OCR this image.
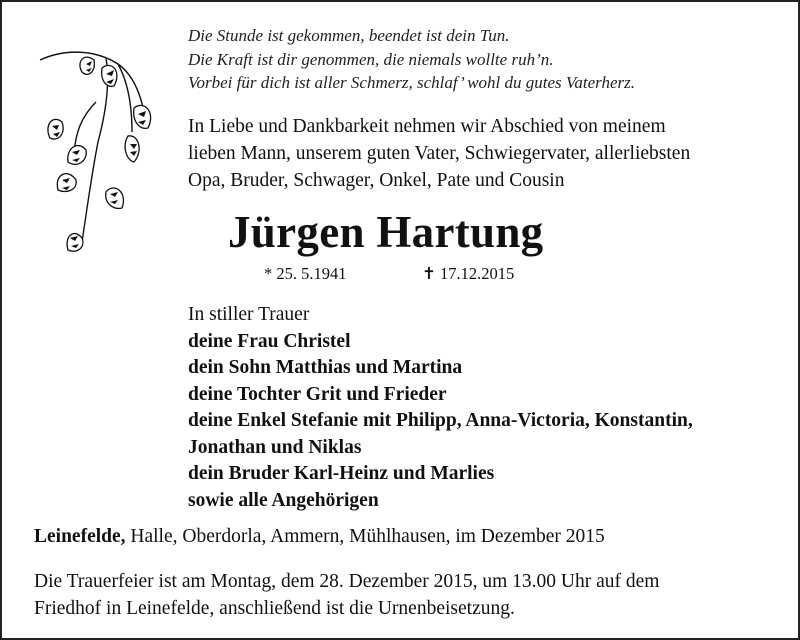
Die Stunde ist gekommen, beendet ist dein Tun.
Die Kraft ist dir genommen, die niemals wollte ruh’n.
Vorbei für dich ist aller Schmerz, schlaf’ wohl du gutes Vaterherz.
In Liebe und Dankbarkeit nehmen wir Abschied von meinem
lieben Mann, unserem guten Vater, Schwiegervater, allerliebsten
Opa, Bruder, Schwager, Onkel, Pate und Cousin
Jürgen Hartung
* 25. 5.1941	✝ 17.12.2015
In stiller Trauer
deine Frau Christel
dein Sohn Matthias und Martina
deine Tochter Grit und Frieder
deine Enkel Stefanie mit Philipp, Anna-Victoria, Konstantin,
Jonathan und Niklas
dein Bruder Karl-Heinz und Marlies
sowie alle Angehörigen
Leinefelde, Halle, Oberdorla, Ammern, Mühlhausen, im Dezember 2015
Die Trauerfeier ist am Montag, dem 28. Dezember 2015, um 13.00 Uhr auf dem
Friedhof in Leinefelde, anschließend ist die Urnenbeisetzung.
